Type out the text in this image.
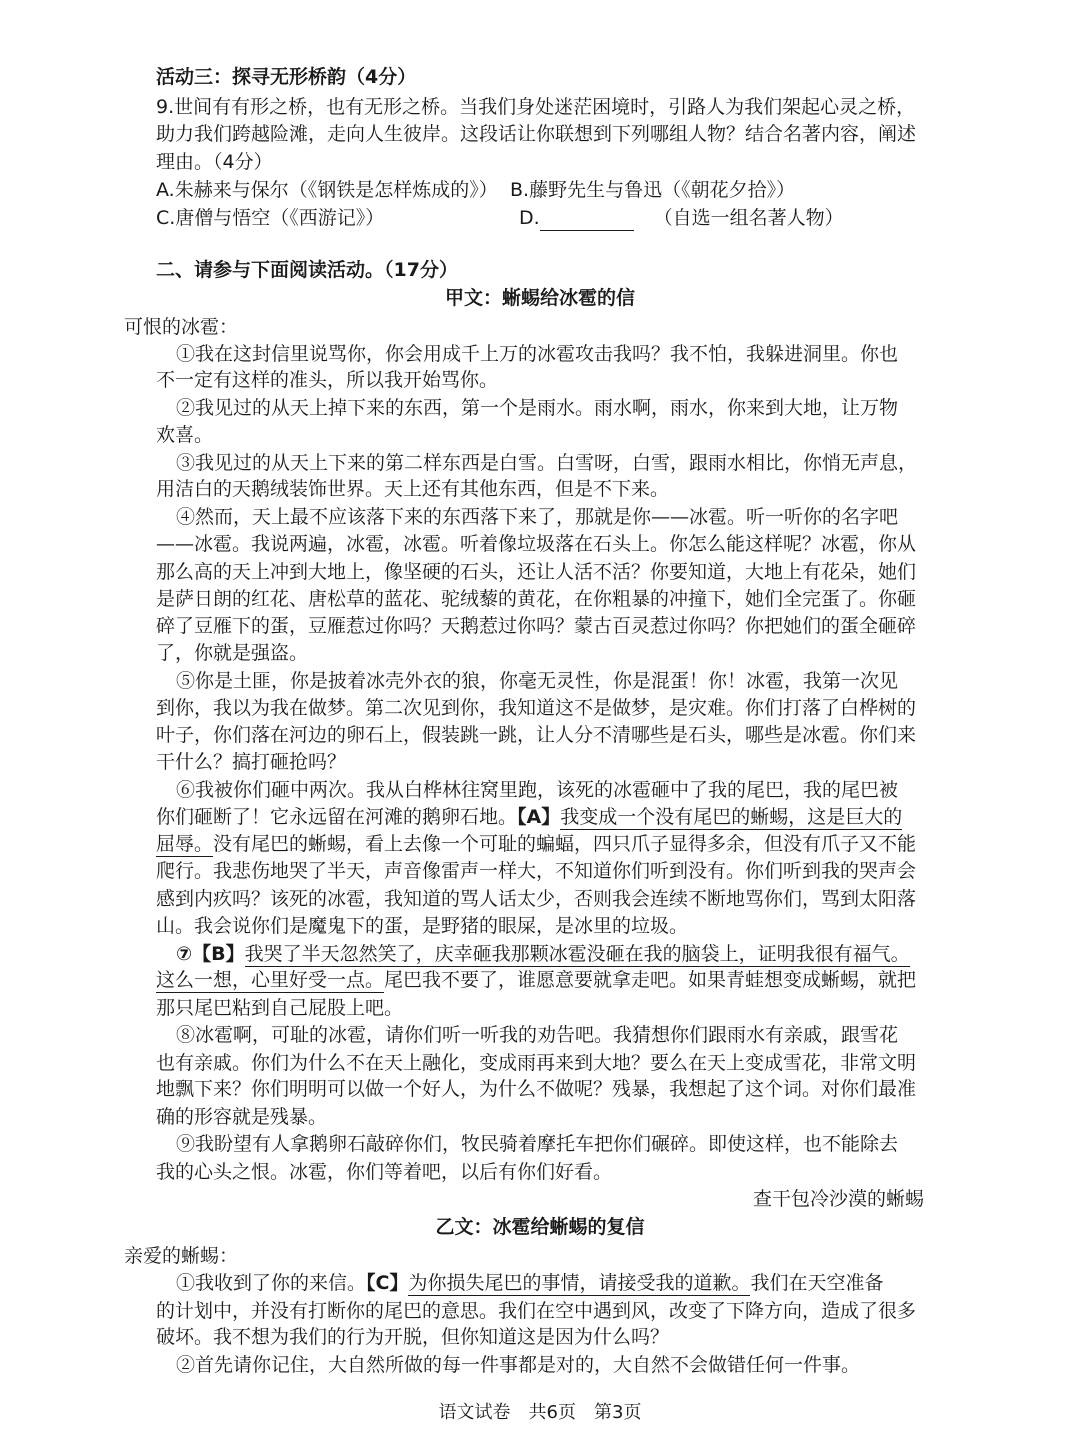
活动三：探寻无形桥韵（4分）
9.世间有有形之桥，也有无形之桥。当我们身处迷茫困境时，引路人为我们架起心灵之桥，
助力我们跨越险滩，走向人生彼岸。这段话让你联想到下列哪组人物？结合名著内容，阐述
理由。（4分）
A.朱赫来与保尔（《钢铁是怎样炼成的》） B.藤野先生与鲁迅（《朝花夕拾》）
C.唐僧与悟空（《西游记》）	D.	（自选一组名著人物）
二、请参与下面阅读活动。（17分）
甲文：蜥蜴给冰雹的信
可恨的冰雹：
①我在这封信里说骂你，你会用成千上万的冰雹攻击我吗？我不怕，我躲进洞里。你也
不一定有这样的准头，所以我开始骂你。
②我见过的从天上掉下来的东西，第一个是雨水。雨水啊，雨水，你来到大地，让万物
欢喜。
③我见过的从天上下来的第二样东西是白雪。白雪呀，白雪，跟雨水相比，你悄无声息，
用洁白的天鹅绒装饰世界。天上还有其他东西，但是不下来。
④然而，天上最不应该落下来的东西落下来了，那就是你——冰雹。听一听你的名字吧
——冰雹。我说两遍，冰雹，冰雹。听着像垃圾落在石头上。你怎么能这样呢？冰雹，你从
那么高的天上冲到大地上，像坚硬的石头，还让人活不活？你要知道，大地上有花朵，她们
是萨日朗的红花、唐松草的蓝花、驼绒藜的黄花，在你粗暴的冲撞下，她们全完蛋了。你砸
碎了豆雁下的蛋，豆雁惹过你吗？天鹅惹过你吗？蒙古百灵惹过你吗？你把她们的蛋全砸碎
了，你就是强盗。
⑤你是土匪，你是披着冰壳外衣的狼，你毫无灵性，你是混蛋！你！冰雹，我第一次见
到你，我以为我在做梦。第二次见到你，我知道这不是做梦，是灾难。你们打落了白桦树的
叶子，你们落在河边的卵石上，假装跳一跳，让人分不清哪些是石头，哪些是冰雹。你们来
干什么？搞打砸抢吗？
⑥我被你们砸中两次。我从白桦林往窝里跑，该死的冰雹砸中了我的尾巴，我的尾巴被
你们砸断了！它永远留在河滩的鹅卵石地。【A】我变成一个没有尾巴的蜥蜴，这是巨大的
屈辱。没有尾巴的蜥蜴，看上去像一个可耻的蝙蝠，四只爪子显得多余，但没有爪子又不能
爬行。我悲伤地哭了半天，声音像雷声一样大，不知道你们听到没有。你们听到我的哭声会
感到内疚吗？该死的冰雹，我知道的骂人话太少，否则我会连续不断地骂你们，骂到太阳落
山。我会说你们是魔鬼下的蛋，是野猪的眼屎，是冰里的垃圾。
⑦【B】我哭了半天忽然笑了，庆幸砸我那颗冰雹没砸在我的脑袋上，证明我很有福气。
这么一想，心里好受一点。尾巴我不要了，谁愿意要就拿走吧。如果青蛙想变成蜥蜴，就把
那只尾巴粘到自己屁股上吧。
⑧冰雹啊，可耻的冰雹，请你们听一听我的劝告吧。我猜想你们跟雨水有亲戚，跟雪花
也有亲戚。你们为什么不在天上融化，变成雨再来到大地？要么在天上变成雪花，非常文明
地飘下来？你们明明可以做一个好人，为什么不做呢？残暴，我想起了这个词。对你们最准
确的形容就是残暴。
⑨我盼望有人拿鹅卵石敲碎你们，牧民骑着摩托车把你们碾碎。即使这样，也不能除去
我的心头之恨。冰雹，你们等着吧，以后有你们好看。
查干包冷沙漠的蜥蜴
乙文：冰雹给蜥蜴的复信
亲爱的蜥蜴：
①我收到了你的来信。【C】为你损失尾巴的事情，请接受我的道歉。我们在天空准备
的计划中，并没有打断你的尾巴的意思。我们在空中遇到风，改变了下降方向，造成了很多
破坏。我不想为我们的行为开脱，但你知道这是因为什么吗？
②首先请你记住，大自然所做的每一件事都是对的，大自然不会做错任何一件事。
语文试卷　共6页　第3页
